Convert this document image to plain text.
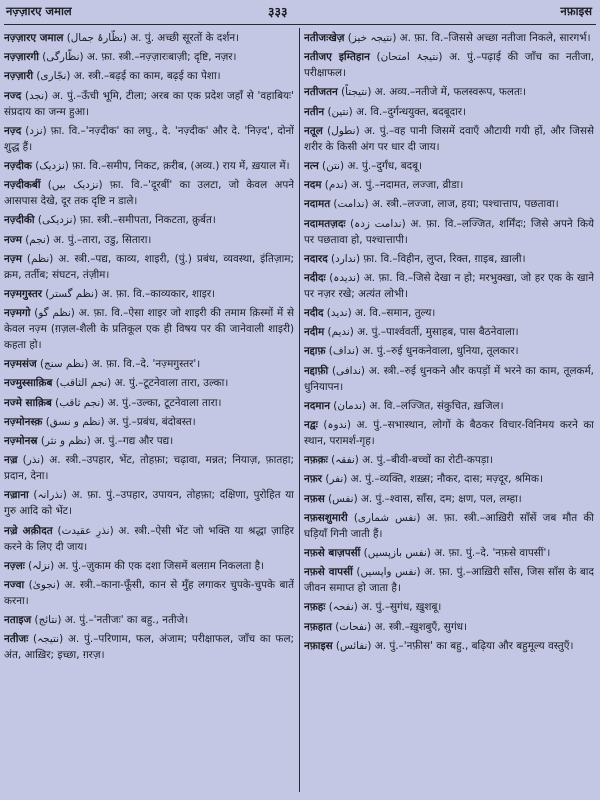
नज़्ज़ारए जमाल	३३३	नफ़ाइस

नज़्ज़ारए जमाल (نظّارۂ جمال) अ. पुं. अच्छी सूरतों के दर्शन।

नज़्ज़ारगी (نظّارگی) अ. फ़ा. स्त्री.–नज़्ज़ारःबाज़ी; दृष्टि, नज़र।

नज़्ज़ारी (نجّاری) अ. स्त्री.–बढ़ई का काम, बढ़ई का पेशा।

नज्द (نجد) अ. पुं.–ऊँची भूमि, टीला; अरब का एक प्रदेश जहाँ से 'वहाबियः' संप्रदाय का जन्म हुआ।

नज़्द (نزد) फ़ा. वि.–'नज़्दीक' का लघु., दे. 'नज़्दीक' और दे. 'निज़्द', दोनों शुद्ध हैं।

नज़्दीक (نزدیک) फ़ा. वि.–समीप, निकट, क़रीब, (अव्य.) राय में, ख़याल में।

नज़्दीकबीं (نزدیک بیں) फ़ा. वि.–'दूरबीं' का उलटा, जो केवल अपने आसपास देखे, दूर तक दृष्टि न डाले।

नज़्दीकी (نزدیکی) फ़ा. स्त्री.–समीपता, निकटता, क़ुर्बत।

नज्म (نجم) अ. पुं.–तारा, उडु, सितारा।

नज़्म (نظم) अ. स्त्री.–पद्य, काव्य, शाइरी, (पुं.) प्रबंध, व्यवस्था, इंतिज़ाम; क्रम, तर्तीब; संघटन, तंज़ीम।

नज़्मगुस्तर (نظم گستر) अ. फ़ा. वि.–काव्यकार, शाइर।

नज़्मगो (نظم گو) अ. फ़ा. वि.–ऐसा शाइर जो शाइरी की तमाम क़िस्मों में से केवल नज़्म (ग़ज़ल-शैली के प्रतिकूल एक ही विषय पर की जानेवाली शाइरी) कहता हो।

नज़्मसंज (نظم سنج) अ. फ़ा. वि.–दे. 'नज़्मगुस्तर'।

नज्मुस्साक़िब (نجم الثاقب) अ. पुं.–टूटनेवाला तारा, उल्का।

नज्मे साक़िब (نجم ثاقب) अ. पुं.–उल्का, टूटनेवाला तारा।

नज़्मोनस्क़ (نظم و نسق) अ. पुं.–प्रबंध, बंदोबस्त।

नज़्मोनस्र (نظم و نثر) अ. पुं.–गद्य और पद्य।

नज़्र (نذر) अ. स्त्री.–उपहार, भेंट, तोहफ़ा; चढ़ावा, मन्नत; नियाज़, फ़ातहा; प्रदान, देना।

नज़्राना (نذرانہ) अ. फ़ा. पुं.–उपहार, उपायन, तोहफ़ा; दक्षिणा, पुरोहित या गुरु आदि को भेंट।

नज़्रे अक़ीदत (نذرِ عقیدت) अ. स्त्री.–ऐसी भेंट जो भक्ति या श्रद्धा ज़ाहिर करने के लिए दी जाय।

नज़्लः (نزلہ) अ. पुं.–ज़ुकाम की एक दशा जिसमें बलग़म निकलता है।

नज्वा (نجویٰ) अ. स्त्री.–काना-फूँसी, कान से मुँह लगाकर चुपके-चुपके बातें करना।

नताइज (نتائج) अ. पुं.–'नतीजः' का बहु., नतीजे।

नतीजः (نتیجہ) अ. पुं.–परिणाम, फल, अंजाम; परीक्षाफल, जाँच का फल; अंत, आख़िर; इच्छा, ग़रज़।

नतीजःखेज़ (نتیجہ خیز) अ. फ़ा. वि.–जिससे अच्छा नतीजा निकले, सारगर्भ।

नतीजए इम्तिहान (نتیجۂ امتحان) अ. पुं.–पढ़ाई की जाँच का नतीजा, परीक्षाफल।

नतीजतन (نتیجتاً) अ. अव्य.–नतीजे में, फलस्वरूप, फलतः।

नतीन (نتین) अ. वि.–दुर्गन्धयुक्त, बदबूदार।

नतूल (نطول) अ. पुं.–वह पानी जिसमें दवाएँ औटायी गयी हों, और जिससे शरीर के किसी अंग पर धार दी जाय।

नत्न (نتن) अ. पुं.–दुर्गंध, बदबू।

नदम (ندم) अ. पुं.–नदामत, लज्जा, व्रीडा।

नदामत (ندامت) अ. स्त्री.–लज्जा, लाज, हया; पश्चात्ताप, पछतावा।

नदामतज़दः (ندامت زدہ) अ. फ़ा. वि.–लज्जित, शर्मिंदः; जिसे अपने किये पर पछतावा हो, पश्चात्तापी।

नदारद (ندارد) फ़ा. वि.–विहीन, लुप्त, रिक्त, ग़ाइब, ख़ाली।

नदीदः (ندیدہ) अ. फ़ा. वि.–जिसे देखा न हो; मरभुक्खा, जो हर एक के खाने पर नज़र रखे; अत्यंत लोभी।

नदीद (ندید) अ. वि.–समान, तुल्य।

नदीम (ندیم) अ. पुं.–पार्श्ववर्ती, मुसाहब, पास बैठनेवाला।

नद्दाफ़ (نداف) अ. पुं.–रुई धुनकनेवाला, धुनिया, तूलकार।

नद्दाफ़ी (ندافی) अ. स्त्री.–रुई धुनकने और कपड़ों में भरने का काम, तूलकर्म, धुनियापन।

नदमान (ندمان) अ. वि.–लज्जित, संकुचित, ख़जिल।

नद्वः (ندوہ) अ. पुं.–सभास्थान, लोगों के बैठकर विचार-विनिमय करने का स्थान, परामर्श-गृह।

नफ़क़ः (نفقہ) अ. पुं.–बीवी-बच्चों का रोटी-कपड़ा।

नफ़र (نفر) अ. पुं.–व्यक्ति, शख़्स; नौकर, दास; मज़्दूर, श्रमिक।

नफ़स (نفس) अ. पुं.–श्वास, साँस, दम; क्षण, पल, लम्हा।

नफ़सशुमारी (نفس شماری) अ. फ़ा. स्त्री.–आख़िरी साँसें जब मौत की घड़ियाँ गिनी जाती हैं।

नफ़से बाज़पसीं (نفس بازپسیں) अ. फ़ा. पुं.–दे. 'नफ़से वापसीं'।

नफ़से वापसीं (نفس واپسیں) अ. फ़ा. पुं.–आख़िरी साँस, जिस साँस के बाद जीवन समाप्त हो जाता है।

नफ़हः (نفحہ) अ. पुं.–सुगंध, ख़ुशबू।

नफ़हात (نفحات) अ. स्त्री.–ख़ुशबुएँ, सुगंध।

नफ़ाइस (نفائس) अ. पुं.–'नफ़ीस' का बहु., बढ़िया और बहुमूल्य वस्तुएँ।
